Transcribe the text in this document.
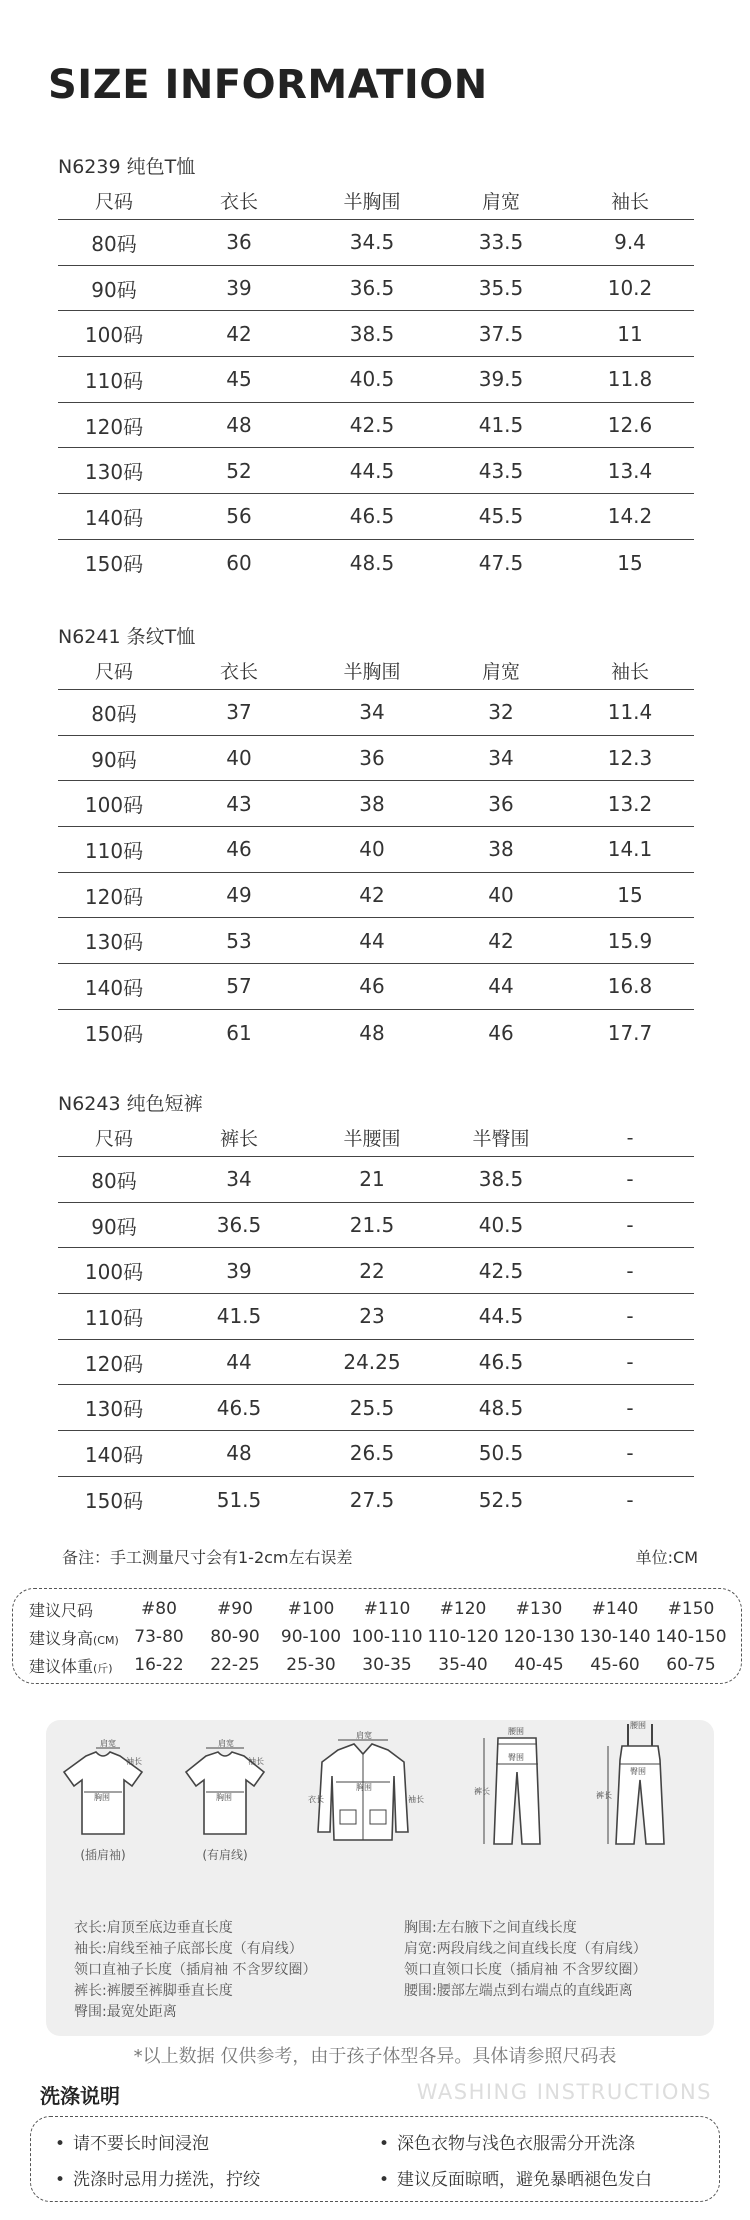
SIZE INFORMATION
N6239 纯色T恤
尺码	衣长	半胸围	肩宽	袖长
80码	36	34.5	33.5	9.4
90码	39	36.5	35.5	10.2
100码	42	38.5	37.5	11
110码	45	40.5	39.5	11.8
120码	48	42.5	41.5	12.6
130码	52	44.5	43.5	13.4
140码	56	46.5	45.5	14.2
150码	60	48.5	47.5	15
N6241 条纹T恤
尺码	衣长	半胸围	肩宽	袖长
80码	37	34	32	11.4
90码	40	36	34	12.3
100码	43	38	36	13.2
110码	46	40	38	14.1
120码	49	42	40	15
130码	53	44	42	15.9
140码	57	46	44	16.8
150码	61	48	46	17.7
N6243 纯色短裤
尺码	裤长	半腰围	半臀围	-
80码	34	21	38.5	-
90码	36.5	21.5	40.5	-
100码	39	22	42.5	-
110码	41.5	23	44.5	-
120码	44	24.25	46.5	-
130码	46.5	25.5	48.5	-
140码	48	26.5	50.5	-
150码	51.5	27.5	52.5	-
备注：手工测量尺寸会有1-2cm左右误差	单位:CM
建议尺码	#80	#90	#100	#110	#120	#130	#140	#150
建议身高(CM) 73-80	80-90	90-100 100-110 110-120 120-130 130-140 140-150
建议体重(斤)	16-22	22-25	25-30	30-35	35-40	40-45	45-60	60-75
肩宽
袖长
胸围
(插肩袖)
肩宽
袖长
胸围
(有肩线)
肩宽
衣长
胸围
袖长
腰围
臀围
裤长
腰围
臀围
裤长
衣长:肩顶至底边垂直长度
袖长:肩线至袖子底部长度（有肩线）
领口直袖子长度（插肩袖 不含罗纹圈）
裤长:裤腰至裤脚垂直长度
臀围:最宽处距离
胸围:左右腋下之间直线长度
肩宽:两段肩线之间直线长度（有肩线）
领口直领口长度（插肩袖 不含罗纹圈）
腰围:腰部左端点到右端点的直线距离
*以上数据 仅供参考，由于孩子体型各异。具体请参照尺码表
洗涤说明	WASHING INSTRUCTIONS
• 请不要长时间浸泡	• 深色衣物与浅色衣服需分开洗涤
• 洗涤时忌用力搓洗，拧绞	• 建议反面晾晒，避免暴晒褪色发白
